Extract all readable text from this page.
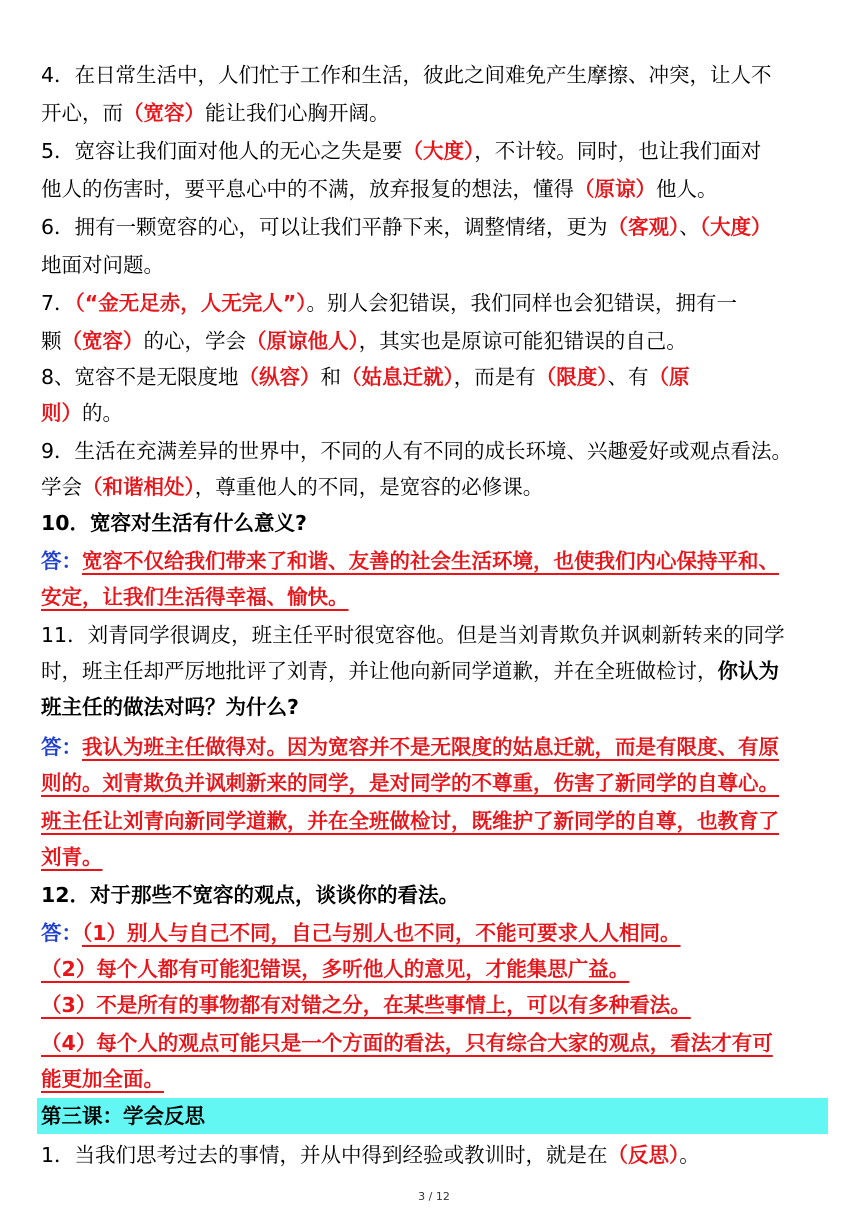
4．在日常生活中，人们忙于工作和生活，彼此之间难免产生摩擦、冲突，让人不
开心，而（宽容）能让我们心胸开阔。
5．宽容让我们面对他人的无心之失是要（大度），不计较。同时，也让我们面对
他人的伤害时，要平息心中的不满，放弃报复的想法，懂得（原谅）他人。
6．拥有一颗宽容的心，可以让我们平静下来，调整情绪，更为（客观）、（大度）
地面对问题。
7．（“金无足赤，人无完人”）。别人会犯错误，我们同样也会犯错误，拥有一
颗（宽容）的心，学会（原谅他人），其实也是原谅可能犯错误的自己。
8、宽容不是无限度地（纵容）和（姑息迁就），而是有（限度）、有（原
则）的。
9．生活在充满差异的世界中，不同的人有不同的成长环境、兴趣爱好或观点看法。
学会（和谐相处），尊重他人的不同，是宽容的必修课。
10．宽容对生活有什么意义?
答：宽容不仅给我们带来了和谐、友善的社会生活环境，也使我们内心保持平和、
安定，让我们生活得幸福、愉快。
11．刘青同学很调皮，班主任平时很宽容他。但是当刘青欺负并讽刺新转来的同学
时，班主任却严厉地批评了刘青，并让他向新同学道歉，并在全班做检讨，你认为
班主任的做法对吗？为什么?
答：我认为班主任做得对。因为宽容并不是无限度的姑息迁就，而是有限度、有原
则的。刘青欺负并讽刺新来的同学，是对同学的不尊重，伤害了新同学的自尊心。
班主任让刘青向新同学道歉，并在全班做检讨，既维护了新同学的自尊，也教育了
刘青。
12．对于那些不宽容的观点，谈谈你的看法。
答：（1）别人与自己不同，自己与别人也不同，不能可要求人人相同。
（2）每个人都有可能犯错误，多听他人的意见，才能集思广益。
（3）不是所有的事物都有对错之分，在某些事情上，可以有多种看法。
（4）每个人的观点可能只是一个方面的看法，只有综合大家的观点，看法才有可
能更加全面。
第三课：学会反思
1．当我们思考过去的事情，并从中得到经验或教训时，就是在（反思）。
3 / 12
